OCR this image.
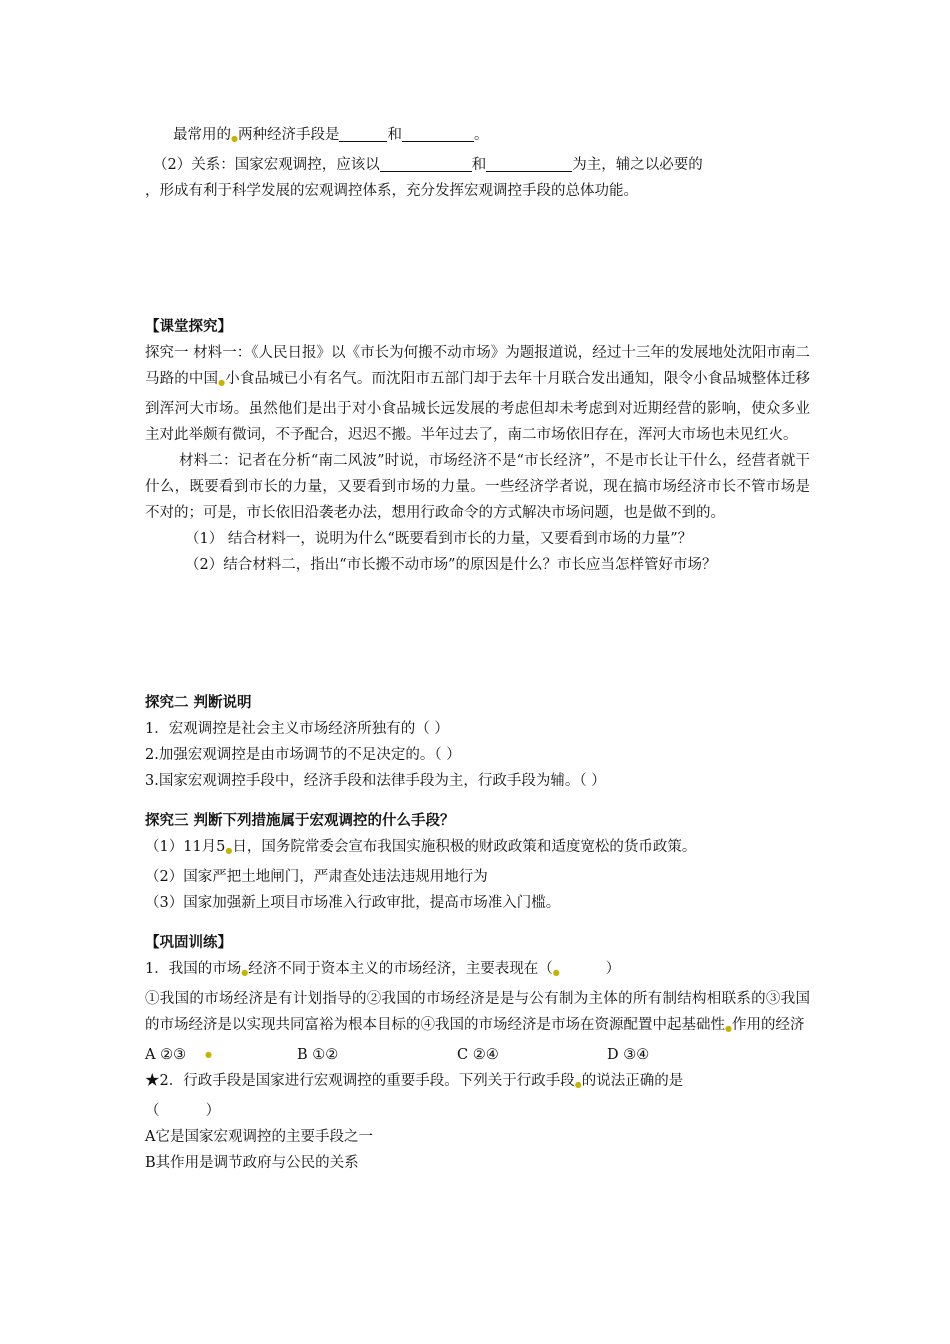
最常用的●两种经济手段是	和	。
（2）关系：国家宏观调控，应该以	和	为主，辅之以必要的
，形成有利于科学发展的宏观调控体系，充分发挥宏观调控手段的总体功能。
【课堂探究】
探究一 材料一：《人民日报》以《市长为何搬不动市场》为题报道说，经过十三年的发展地处沈阳市南二马路的中国●小食品城已小有名气。而沈阳市五部门却于去年十月联合发出通知，限令小食品城整体迁移到浑河大市场。虽然他们是出于对小食品城长远发展的考虑但却未考虑到对近期经营的影响，使众多业主对此举颇有微词，不予配合，迟迟不搬。半年过去了，南二市场依旧存在，浑河大市场也未见红火。
材料二：记者在分析“南二风波”时说，市场经济不是“市长经济”，不是市长让干什么，经营者就干什么，既要看到市长的力量，又要看到市场的力量。一些经济学者说，现在搞市场经济市长不管市场是不对的；可是，市长依旧沿袭老办法，想用行政命令的方式解决市场问题，也是做不到的。
（1） 结合材料一，说明为什么“既要看到市长的力量，又要看到市场的力量”？
（2）结合材料二，指出“市长搬不动市场”的原因是什么？市长应当怎样管好市场？
探究二 判断说明
1．宏观调控是社会主义市场经济所独有的（ ）
2.加强宏观调控是由市场调节的不足决定的。（ ）
3.国家宏观调控手段中，经济手段和法律手段为主，行政手段为辅。（ ）
探究三 判断下列措施属于宏观调控的什么手段？
（1）11月5●日，国务院常委会宣布我国实施积极的财政政策和适度宽松的货币政策。
（2）国家严把土地闸门，严肃查处违法违规用地行为
（3）国家加强新上项目市场准入行政审批，提高市场准入门槛。
【巩固训练】
1．我国的市场●经济不同于资本主义的市场经济，主要表现在（●          ）
①我国的市场经济是有计划指导的②我国的市场经济是是与公有制为主体的所有制结构相联系的③我国的市场经济是以实现共同富裕为根本目标的④我国的市场经济是市场在资源配置中起基础性●作用的经济
A ②③	●	B ①②	C ②④	D ③④
★2．行政手段是国家进行宏观调控的重要手段。下列关于行政手段●的说法正确的是
（          ）
A它是国家宏观调控的主要手段之一
B其作用是调节政府与公民的关系
